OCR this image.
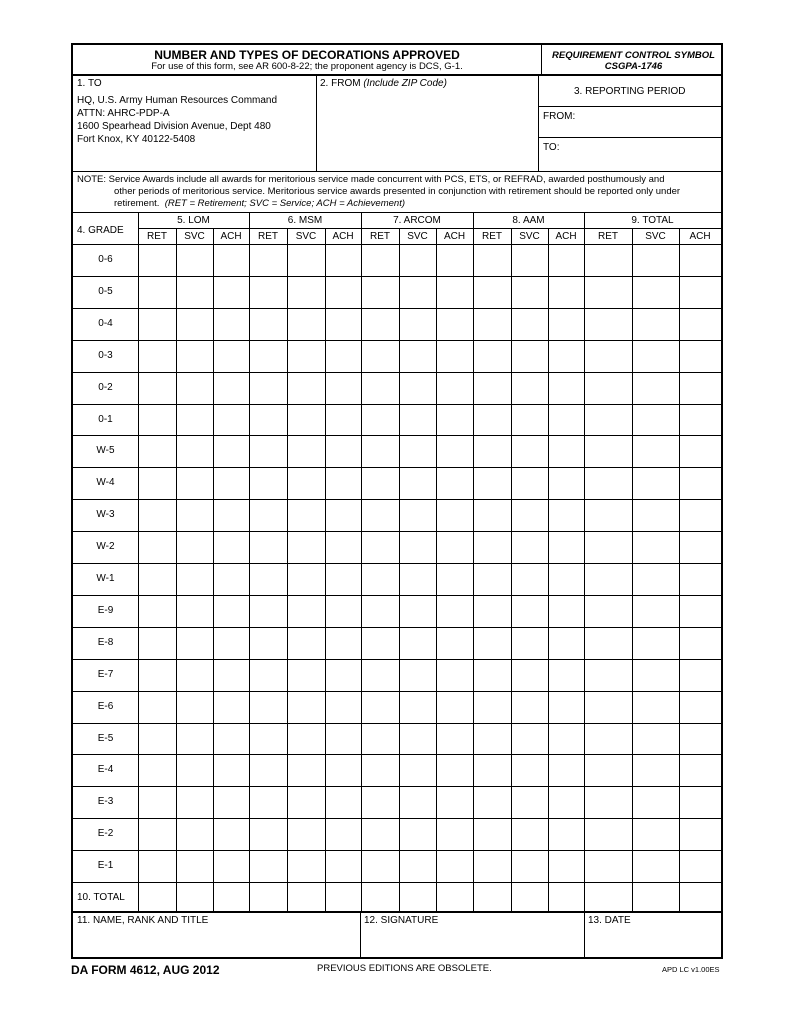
NUMBER AND TYPES OF DECORATIONS APPROVED
For use of this form, see AR 600-8-22; the proponent agency is DCS, G-1.
REQUIREMENT CONTROL SYMBOL
CSGPA-1746
1. TO
HQ, U.S. Army Human Resources Command
ATTN: AHRC-PDP-A
1600 Spearhead Division Avenue, Dept 480
Fort Knox, KY 40122-5408
2. FROM (Include ZIP Code)
3. REPORTING PERIOD
FROM:
TO:
NOTE: Service Awards include all awards for meritorious service made concurrent with PCS, ETS, or REFRAD, awarded posthumously and
other periods of meritorious service. Meritorious service awards presented in conjunction with retirement should be reported only under
retirement. (RET = Retirement; SVC = Service; ACH = Achievement)
4. GRADE
5. LOM
RET	SVC	ACH
6. MSM
RET	SVC	ACH
7. ARCOM
RET	SVC	ACH
8. AAM
RET	SVC	ACH
9. TOTAL
RET	SVC	ACH
0-6
0-5
0-4
0-3
0-2
0-1
W-5
W-4
W-3
W-2
W-1
E-9
E-8
E-7
E-6
E-5
E-4
E-3
E-2
E-1
10. TOTAL
11. NAME, RANK AND TITLE	12. SIGNATURE	13. DATE
DA FORM 4612, AUG 2012	PREVIOUS EDITIONS ARE OBSOLETE.	APD LC v1.00ES
